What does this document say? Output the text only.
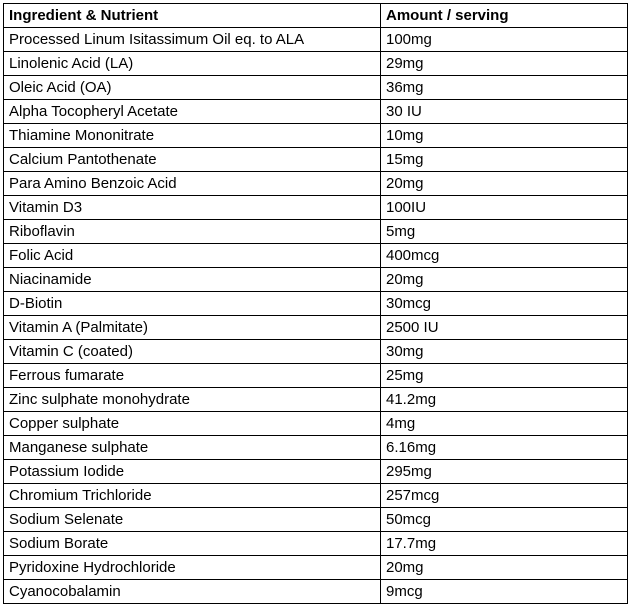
Ingredient & Nutrient	Amount / serving
Processed Linum Isitassimum Oil eq. to ALA	100mg
Linolenic Acid (LA)	29mg
Oleic Acid (OA)	36mg
Alpha Tocopheryl Acetate	30 IU
Thiamine Mononitrate	10mg
Calcium Pantothenate	15mg
Para Amino Benzoic Acid	20mg
Vitamin D3	100IU
Riboflavin	5mg
Folic Acid	400mcg
Niacinamide	20mg
D-Biotin	30mcg
Vitamin A (Palmitate)	2500 IU
Vitamin C (coated)	30mg
Ferrous fumarate	25mg
Zinc sulphate monohydrate	41.2mg
Copper sulphate	4mg
Manganese sulphate	6.16mg
Potassium Iodide	295mg
Chromium Trichloride	257mcg
Sodium Selenate	50mcg
Sodium Borate	17.7mg
Pyridoxine Hydrochloride	20mg
Cyanocobalamin	9mcg
